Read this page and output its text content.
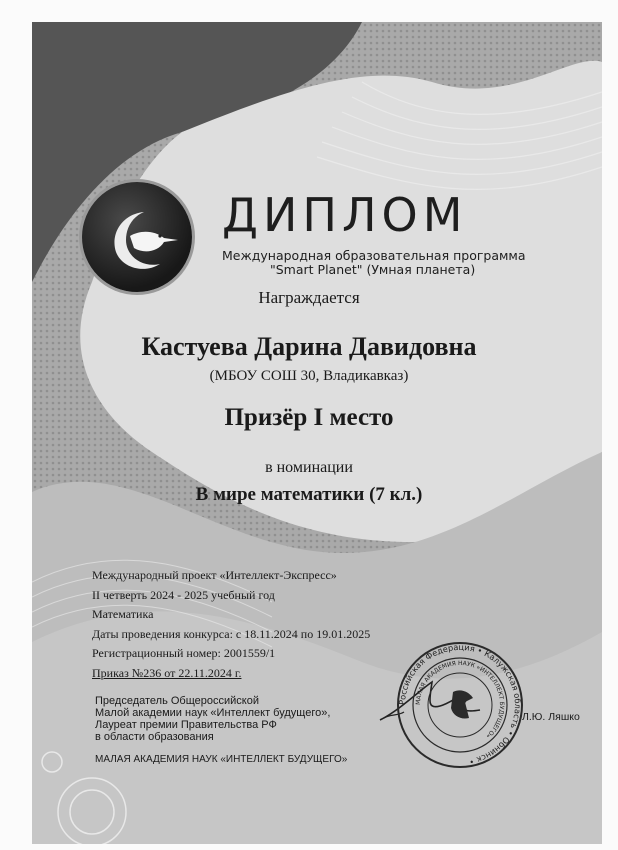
ДИПЛОМ
Международная образовательная программа
"Smart Planet" (Умная планета)
Награждается
Кастуева Дарина Давидовна
(МБОУ СОШ 30, Владикавказ)
Призёр I место
в номинации
В мире математики (7 кл.)
Международный проект «Интеллект-Экспресс»
II четверть 2024 - 2025 учебный год
Математика
Даты проведения конкурса: с 18.11.2024 по 19.01.2025
Регистрационный номер: 2001559/1
Приказ №236 от 22.11.2024 г.
Председатель Общероссийской
Малой академии наук «Интеллект будущего»,
Лауреат премии Правительства РФ
в области образования
МАЛАЯ АКАДЕМИЯ НАУК «ИНТЕЛЛЕКТ БУДУЩЕГО»
Российская Федерация • Калужская область • Обнинск •
МАЛАЯ АКАДЕМИЯ НАУК «ИНТЕЛЛЕКТ БУДУЩЕГО»
Л.Ю. Ляшко
